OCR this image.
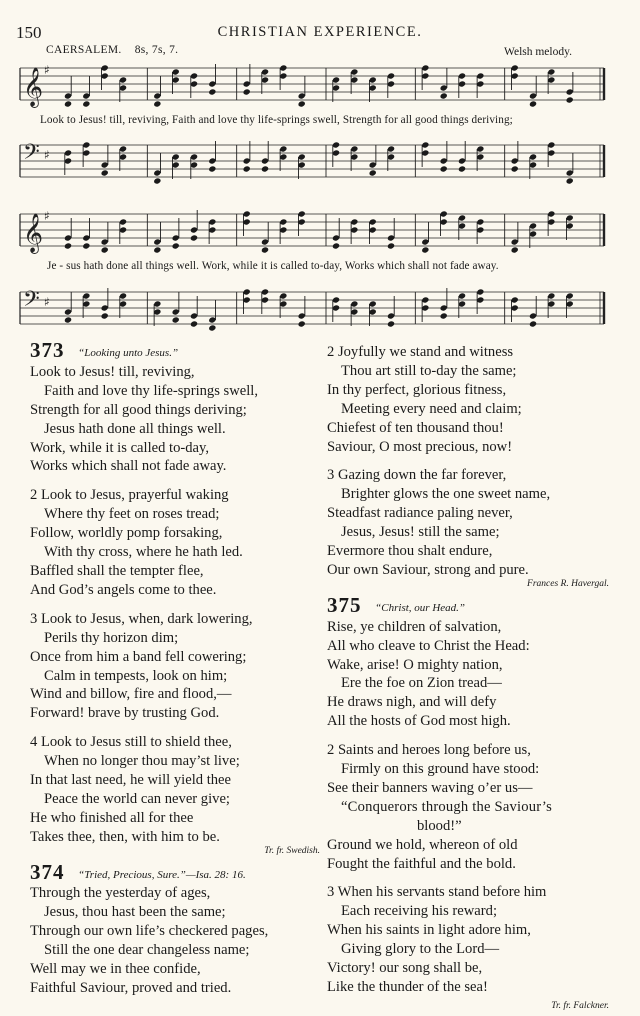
150	CHRISTIAN EXPERIENCE.
CAERSALEM. 8s, 7s, 7.	Welsh melody.
𝄞 ♯
Look to Jesus! till, reviving, Faith and love thy life-springs swell, Strength for all good things deriving;
𝄢 ♯
𝄞 ♯
Je - sus hath done all things well. Work, while it is called to-day, Works which shall not fade away.
𝄢 ♯
373 “Looking unto Jesus.”
Look to Jesus! till, reviving,
Faith and love thy life-springs swell,
Strength for all good things deriving;
Jesus hath done all things well.
Work, while it is called to-day,
Works which shall not fade away.
2 Look to Jesus, prayerful waking
Where thy feet on roses tread;
Follow, worldly pomp forsaking,
With thy cross, where he hath led.
Baffled shall the tempter flee,
And God’s angels come to thee.
3 Look to Jesus, when, dark lowering,
Perils thy horizon dim;
Once from him a band fell cowering;
Calm in tempests, look on him;
Wind and billow, fire and flood,—
Forward! brave by trusting God.
4 Look to Jesus still to shield thee,
When no longer thou may’st live;
In that last need, he will yield thee
Peace the world can never give;
He who finished all for thee
Takes thee, then, with him to be.
Tr. fr. Swedish.
374 “Tried, Precious, Sure.”—Isa. 28: 16.
Through the yesterday of ages,
Jesus, thou hast been the same;
Through our own life’s checkered pages,
Still the one dear changeless name;
Well may we in thee confide,
Faithful Saviour, proved and tried.
2 Joyfully we stand and witness
Thou art still to-day the same;
In thy perfect, glorious fitness,
Meeting every need and claim;
Chiefest of ten thousand thou!
Saviour, O most precious, now!
3 Gazing down the far forever,
Brighter glows the one sweet name,
Steadfast radiance paling never,
Jesus, Jesus! still the same;
Evermore thou shalt endure,
Our own Saviour, strong and pure.
Frances R. Havergal.
375 “Christ, our Head.”
Rise, ye children of salvation,
All who cleave to Christ the Head:
Wake, arise! O mighty nation,
Ere the foe on Zion tread—
He draws nigh, and will defy
All the hosts of God most high.
2 Saints and heroes long before us,
Firmly on this ground have stood:
See their banners waving o’er us—
“Conquerors through the Saviour’s
blood!”
Ground we hold, whereon of old
Fought the faithful and the bold.
3 When his servants stand before him
Each receiving his reward;
When his saints in light adore him,
Giving glory to the Lord—
Victory! our song shall be,
Like the thunder of the sea!
Tr. fr. Falckner.
